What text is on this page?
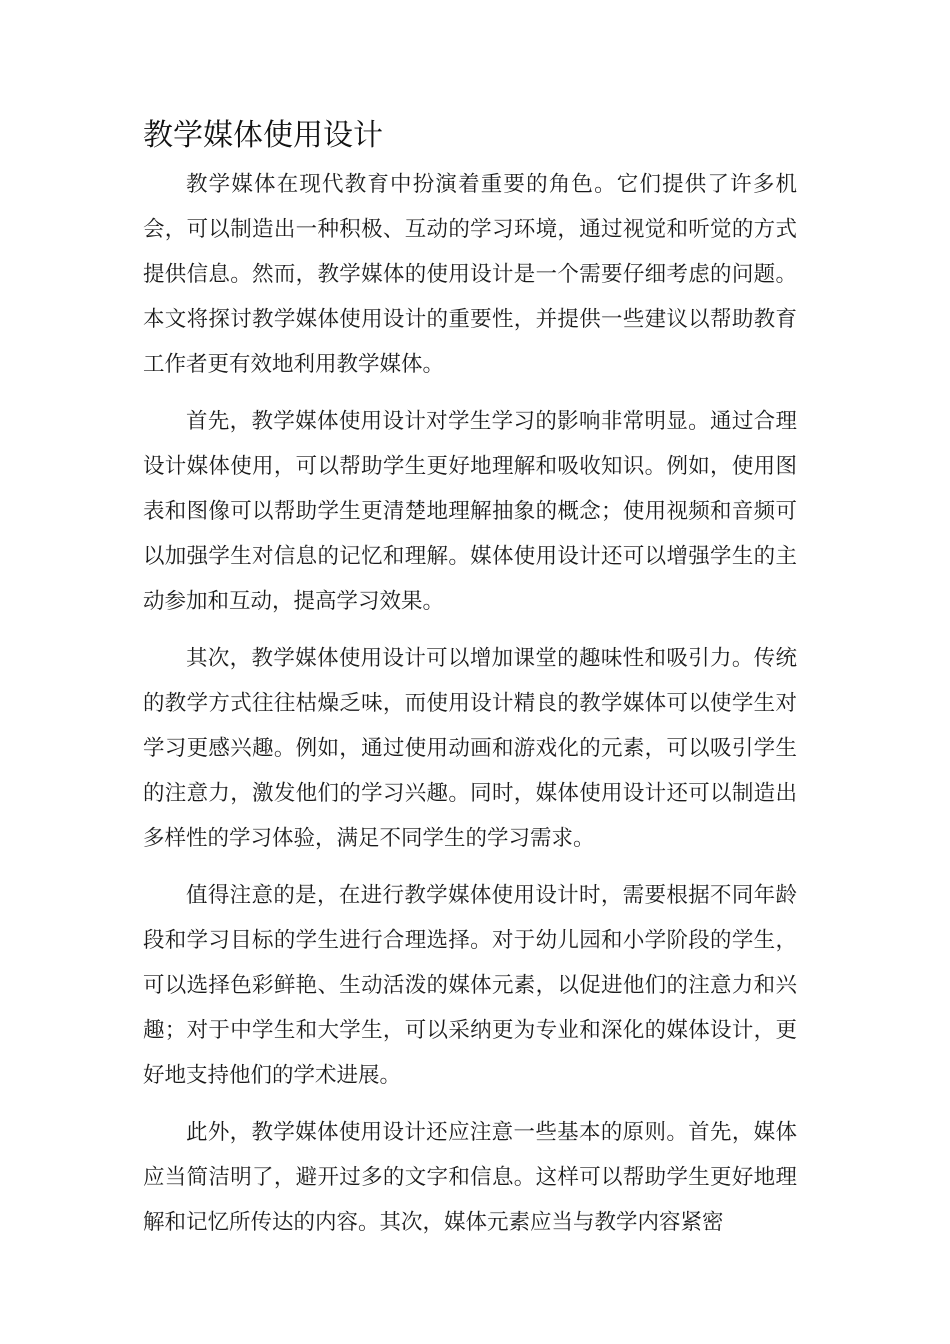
教学媒体使用设计

教学媒体在现代教育中扮演着重要的角色。它们提供了许多机会，可以制造出一种积极、互动的学习环境，通过视觉和听觉的方式提供信息。然而，教学媒体的使用设计是一个需要仔细考虑的问题。本文将探讨教学媒体使用设计的重要性，并提供一些建议以帮助教育工作者更有效地利用教学媒体。

首先，教学媒体使用设计对学生学习的影响非常明显。通过合理设计媒体使用，可以帮助学生更好地理解和吸收知识。例如，使用图表和图像可以帮助学生更清楚地理解抽象的概念；使用视频和音频可以加强学生对信息的记忆和理解。媒体使用设计还可以增强学生的主动参加和互动，提高学习效果。

其次，教学媒体使用设计可以增加课堂的趣味性和吸引力。传统的教学方式往往枯燥乏味，而使用设计精良的教学媒体可以使学生对学习更感兴趣。例如，通过使用动画和游戏化的元素，可以吸引学生的注意力，激发他们的学习兴趣。同时，媒体使用设计还可以制造出多样性的学习体验，满足不同学生的学习需求。

值得注意的是，在进行教学媒体使用设计时，需要根据不同年龄段和学习目标的学生进行合理选择。对于幼儿园和小学阶段的学生，可以选择色彩鲜艳、生动活泼的媒体元素，以促进他们的注意力和兴趣；对于中学生和大学生，可以采纳更为专业和深化的媒体设计，更好地支持他们的学术进展。

此外，教学媒体使用设计还应注意一些基本的原则。首先，媒体应当简洁明了，避开过多的文字和信息。这样可以帮助学生更好地理解和记忆所传达的内容。其次，媒体元素应当与教学内容紧密
